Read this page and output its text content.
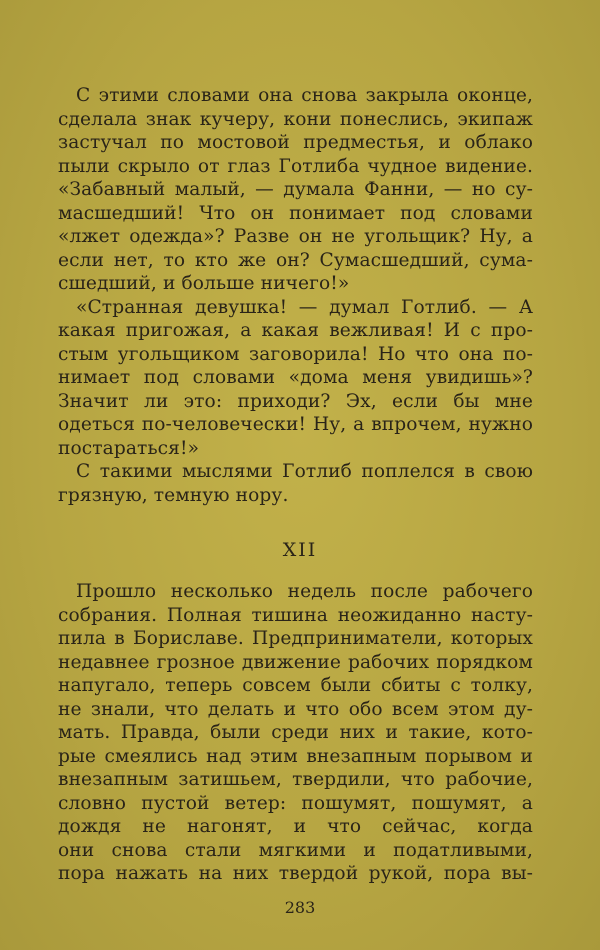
С этими словами она снова закрыла оконце,
сделала знак кучеру, кони понеслись, экипаж
застучал по мостовой предместья, и облако
пыли скрыло от глаз Готлиба чудное видение.
«Забавный малый, — думала Фанни, — но су-
масшедший! Что он понимает под словами
«лжет одежда»? Разве он не угольщик? Ну, а
если нет, то кто же он? Сумасшедший, сума-
сшедший, и больше ничего!»
«Странная девушка! — думал Готлиб. — А
какая пригожая, а какая вежливая! И с про-
стым угольщиком заговорила! Но что она по-
нимает под словами «дома меня увидишь»?
Значит ли это: приходи? Эх, если бы мне
одеться по-человечески! Ну, а впрочем, нужно
постараться!»
С такими мыслями Готлиб поплелся в свою
грязную, темную нору.
XII
Прошло несколько недель после рабочего
собрания. Полная тишина неожиданно насту-
пила в Бориславе. Предприниматели, которых
недавнее грозное движение рабочих порядком
напугало, теперь совсем были сбиты с толку,
не знали, что делать и что обо всем этом ду-
мать. Правда, были среди них и такие, кото-
рые смеялись над этим внезапным порывом и
внезапным затишьем, твердили, что рабочие,
словно пустой ветер: пошумят, пошумят, а
дождя не нагонят, и что сейчас, когда
они снова стали мягкими и податливыми,
пора нажать на них твердой рукой, пора вы-
283
